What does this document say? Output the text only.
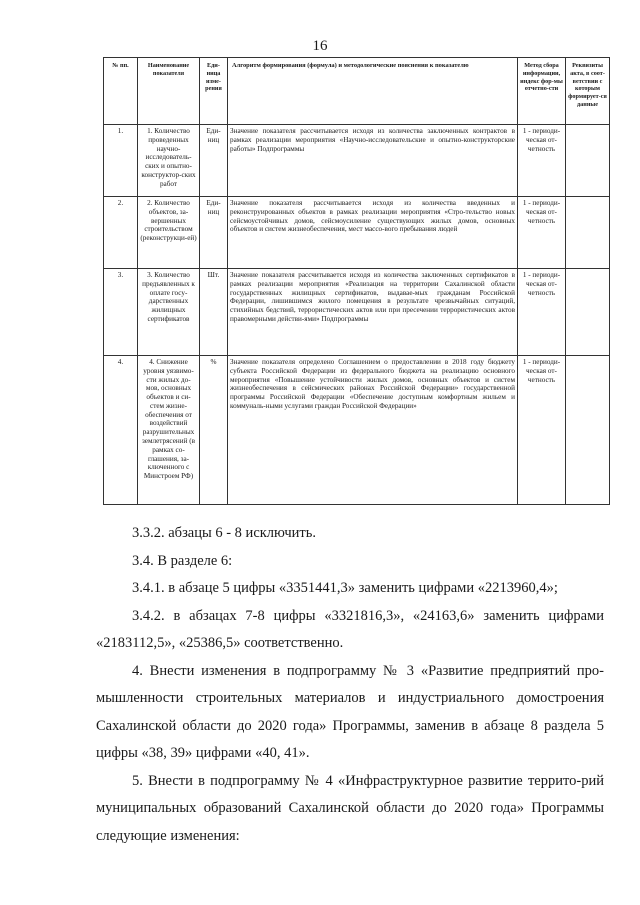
16
№ пп.	Наименование показателя	Еди-ница изме-рения	Алгоритм формирования (формула) и методологические пояснения к показателю	Метод сбора информации, индекс фор-мы отчетно-сти	Реквизиты акта, в соот-ветствии с которым формирует-ся данные
1.	1. Количество проведенных научно-исследователь-ских и опытно-конструктор-ских работ	Еди-ниц	Значение показателя рассчитывается исходя из количества заключенных контрактов в рамках реализации мероприятия «Научно-исследовательские и опытно-конструкторские работы» Подпрограммы	1 - периоди-ческая от-четность	
2.	2. Количество объектов, за-вершенных строительством (реконструкци-ей)	Еди-ниц	Значение показателя рассчитывается исходя из количества введенных и реконструированных объектов в рамках реализации мероприятия «Стро-тельство новых сейсмоустойчивых домов, сейсмоусиление существующих жилых домов, основных объектов и систем жизнеобеспечения, мест массо-вого пребывания людей	1 - периоди-ческая от-четность	
3.	3. Количество предъявленных к оплате госу-дарственных жилищных сертификатов	Шт.	Значение показателя рассчитывается исходя из количества заключенных сертификатов в рамках реализации мероприятия «Реализация на территории Сахалинской области государственных жилищных сертификатов, выдавае-мых гражданам Российской Федерации, лишившимся жилого помещения в результате чрезвычайных ситуаций, стихийных бедствий, террористических актов или при пресечении террористических актов правомерными действи-ями» Подпрограммы	1 - периоди-ческая от-четность	
4.	4. Снижение уровня уязвимо-сти жилых до-мов, основных объектов и си-стем жизне-обеспечения от воздействий разрушительных землетрясений (в рамках со-глашения, за-ключенного с Минстроем РФ)	%	Значение показателя определено Соглашением о предоставлении в 2018 году бюджету субъекта Российской Федерации из федерального бюджета на реализацию основного мероприятия «Повышение устойчивости жилых домов, основных объектов и систем жизнеобеспечения в сейсмических районах Российской Федерации» государственной программы Российской Федерации «Обеспечение доступным комфортным жильем и коммуналь-ными услугами граждан Российской Федерации»	1 - периоди-ческая от-четность	

3.3.2. абзацы 6 - 8 исключить.

3.4. В разделе 6:

3.4.1. в абзаце 5 цифры «3351441,3» заменить цифрами «2213960,4»;

3.4.2. в абзацах 7-8 цифры «3321816,3», «24163,6» заменить цифрами «2183112,5», «25386,5» соответственно.

4. Внести изменения в подпрограмму № 3 «Развитие предприятий про-мышленности строительных материалов и индустриального домостроения Сахалинской области до 2020 года» Программы, заменив в абзаце 8 раздела 5 цифры «38, 39» цифрами «40, 41».

5. Внести в подпрограмму № 4 «Инфраструктурное развитие террито-рий муниципальных образований Сахалинской области до 2020 года» Программы следующие изменения:
